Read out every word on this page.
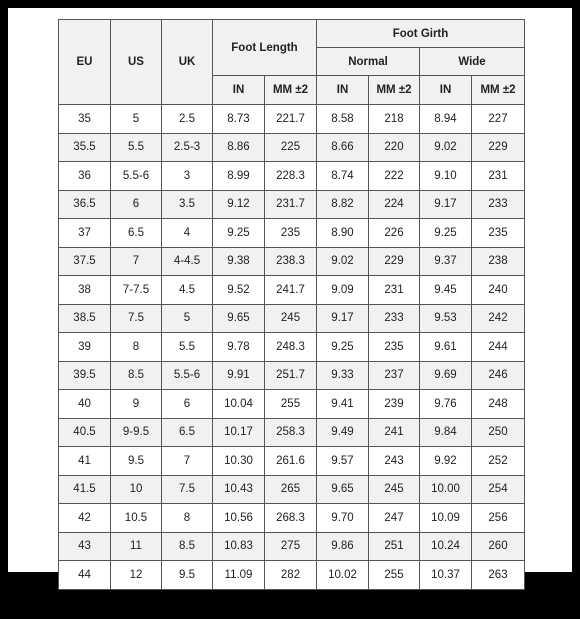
EU	US	UK	Foot Length		Foot Girth			
					Normal		Wide	
			IN	MM ±2	IN	MM ±2	IN	MM ±2
35	5	2.5	8.73	221.7	8.58	218	8.94	227
35.5	5.5	2.5-3	8.86	225	8.66	220	9.02	229
36	5.5-6	3	8.99	228.3	8.74	222	9.10	231
36.5	6	3.5	9.12	231.7	8.82	224	9.17	233
37	6.5	4	9.25	235	8.90	226	9.25	235
37.5	7	4-4.5	9.38	238.3	9.02	229	9.37	238
38	7-7.5	4.5	9.52	241.7	9.09	231	9.45	240
38.5	7.5	5	9.65	245	9.17	233	9.53	242
39	8	5.5	9.78	248.3	9.25	235	9.61	244
39.5	8.5	5.5-6	9.91	251.7	9.33	237	9.69	246
40	9	6	10.04	255	9.41	239	9.76	248
40.5	9-9.5	6.5	10.17	258.3	9.49	241	9.84	250
41	9.5	7	10.30	261.6	9.57	243	9.92	252
41.5	10	7.5	10.43	265	9.65	245	10.00	254
42	10.5	8	10.56	268.3	9.70	247	10.09	256
43	11	8.5	10.83	275	9.86	251	10.24	260
44	12	9.5	11.09	282	10.02	255	10.37	263
